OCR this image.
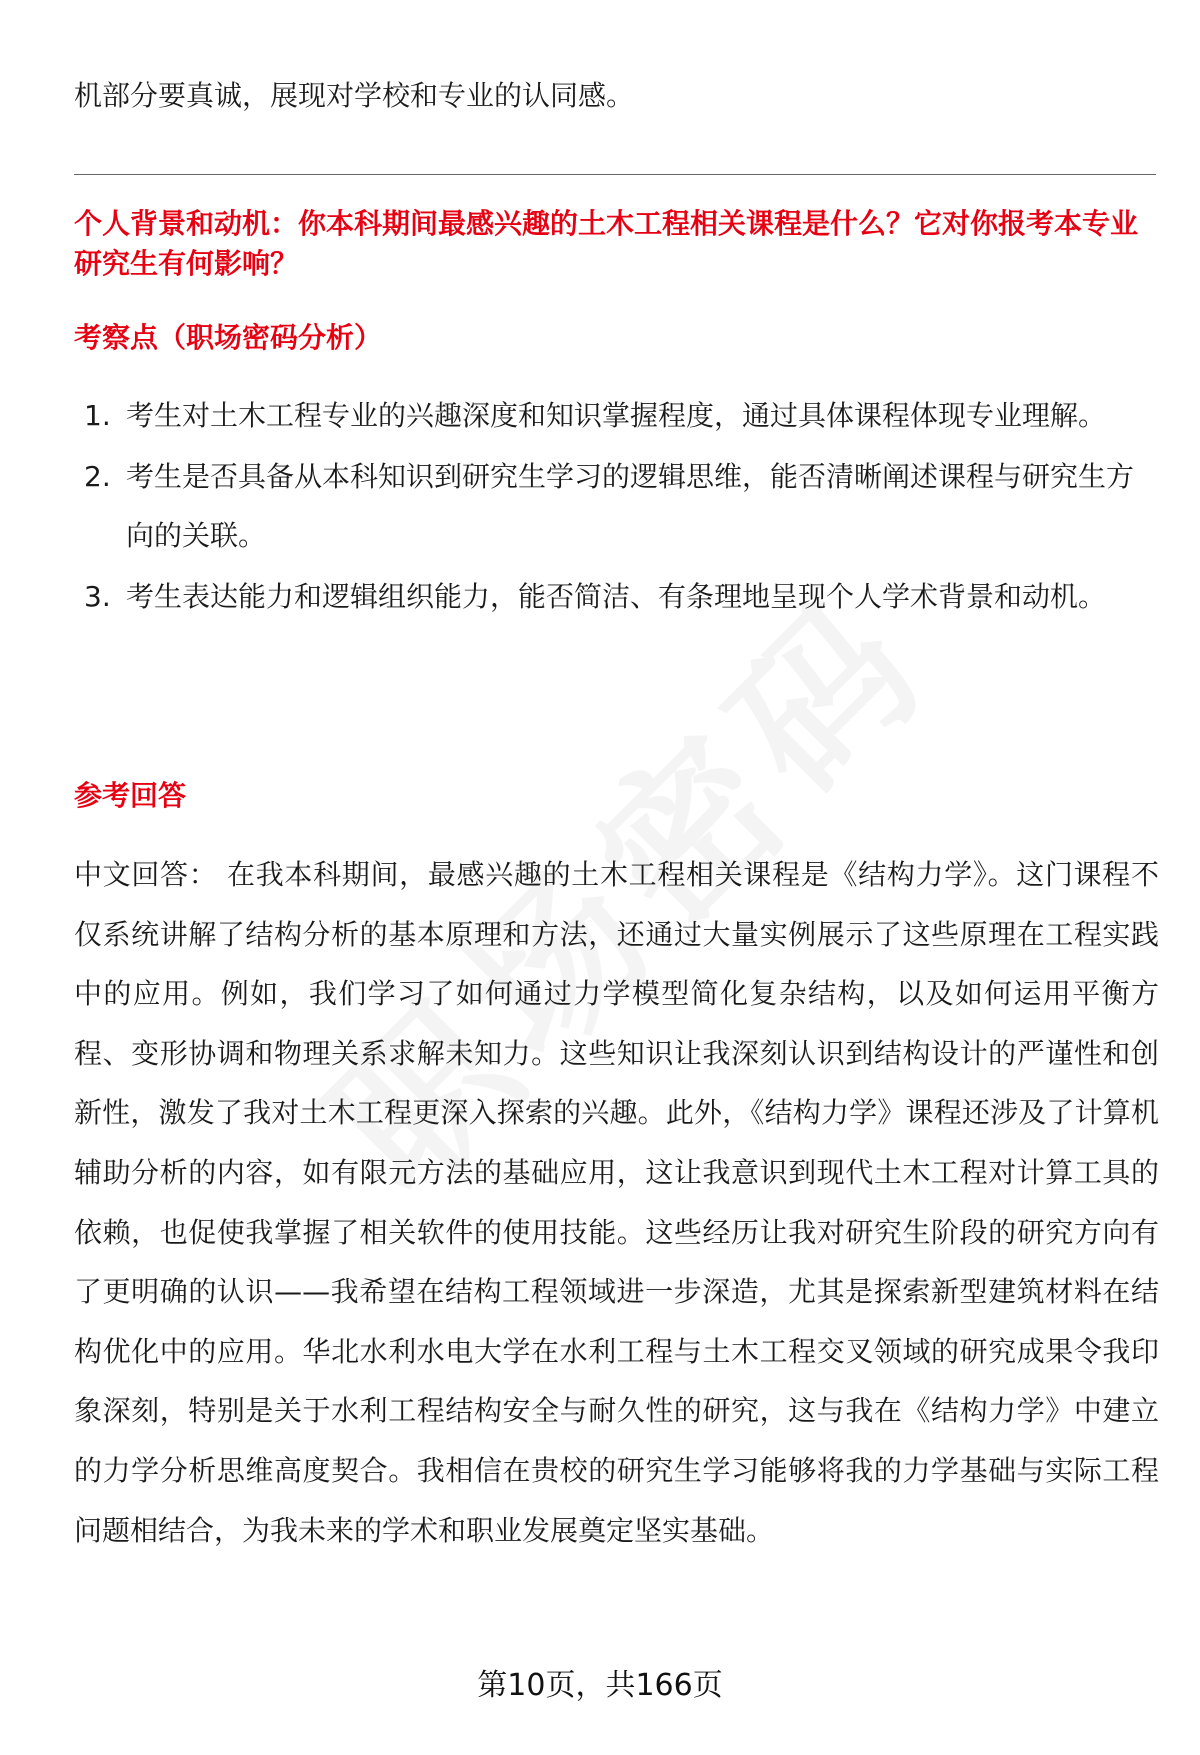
机部分要真诚，展现对学校和专业的认同感。
个人背景和动机：你本科期间最感兴趣的土木工程相关课程是什么？它对你报考本专业研究生有何影响？
考察点（职场密码分析）
1. 考生对土木工程专业的兴趣深度和知识掌握程度，通过具体课程体现专业理解。
2. 考生是否具备从本科知识到研究生学习的逻辑思维，能否清晰阐述课程与研究生方向的关联。
3. 考生表达能力和逻辑组织能力，能否简洁、有条理地呈现个人学术背景和动机。
参考回答
中文回答： 在我本科期间，最感兴趣的土木工程相关课程是《结构力学》。这门课程不仅系统讲解了结构分析的基本原理和方法，还通过大量实例展示了这些原理在工程实践中的应用。例如，我们学习了如何通过力学模型简化复杂结构，以及如何运用平衡方程、变形协调和物理关系求解未知力。这些知识让我深刻认识到结构设计的严谨性和创新性，激发了我对土木工程更深入探索的兴趣。此外，《结构力学》课程还涉及了计算机辅助分析的内容，如有限元方法的基础应用，这让我意识到现代土木工程对计算工具的依赖，也促使我掌握了相关软件的使用技能。这些经历让我对研究生阶段的研究方向有了更明确的认识——我希望在结构工程领域进一步深造，尤其是探索新型建筑材料在结构优化中的应用。华北水利水电大学在水利工程与土木工程交叉领域的研究成果令我印象深刻，特别是关于水利工程结构安全与耐久性的研究，这与我在《结构力学》中建立的力学分析思维高度契合。我相信在贵校的研究生学习能够将我的力学基础与实际工程问题相结合，为我未来的学术和职业发展奠定坚实基础。
第10页，共166页
